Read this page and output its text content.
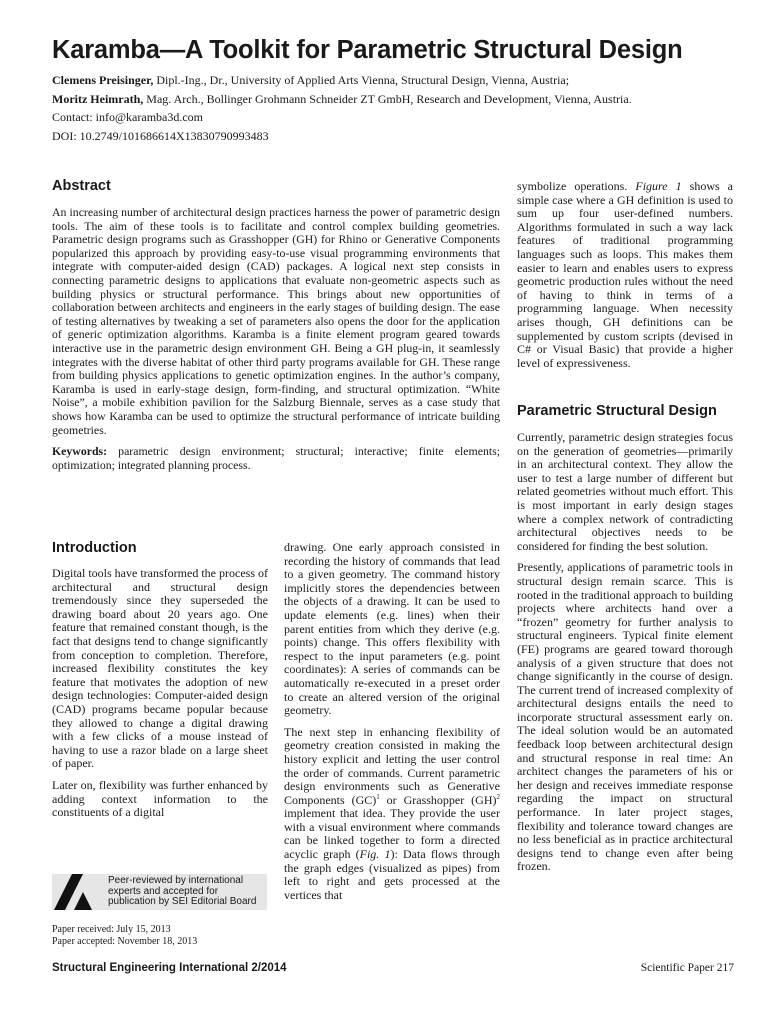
Karamba—A Toolkit for Parametric Structural Design

Clemens Preisinger, Dipl.-Ing., Dr., University of Applied Arts Vienna, Structural Design, Vienna, Austria;

Moritz Heimrath, Mag. Arch., Bollinger Grohmann Schneider ZT GmbH, Research and Development, Vienna, Austria.

Contact: info@karamba3d.com

DOI: 10.2749/101686614X13830790993483

Abstract

An increasing number of architectural design practices harness the power of parametric design tools. The aim of these tools is to facilitate and control complex building geometries. Parametric design programs such as Grasshopper (GH) for Rhino or Generative Components popularized this approach by providing easy-to-use visual programming environments that integrate with computer-aided design (CAD) packages. A logical next step consists in connecting parametric designs to applications that evaluate non-geometric aspects such as building physics or structural performance. This brings about new opportunities of collaboration between architects and engineers in the early stages of building design. The ease of testing alternatives by tweaking a set of parameters also opens the door for the application of generic optimization algorithms. Karamba is a finite element program geared towards interactive use in the parametric design environment GH. Being a GH plug-in, it seamlessly integrates with the diverse habitat of other third party programs available for GH. These range from building physics applications to genetic optimization engines. In the author’s company, Karamba is used in early-stage design, form-finding, and structural optimization. “White Noise”, a mobile exhibition pavilion for the Salzburg Biennale, serves as a case study that shows how Karamba can be used to optimize the structural performance of intricate building geometries.

Keywords: parametric design environment; structural; interactive; finite elements; optimization; integrated planning process.

Introduction

Digital tools have transformed the process of architectural and structural design tremendously since they superseded the drawing board about 20 years ago. One feature that remained constant though, is the fact that designs tend to change significantly from conception to completion. Therefore, increased flexibility constitutes the key feature that motivates the adoption of new design technologies: Computer-aided design (CAD) programs became popular because they allowed to change a digital drawing with a few clicks of a mouse instead of having to use a razor blade on a large sheet of paper.

Later on, flexibility was further enhanced by adding context information to the constituents of a digital

Peer-reviewed by international experts and accepted for publication by SEI Editorial Board
Paper received: July 15, 2013
Paper accepted: November 18, 2013

drawing. One early approach consisted in recording the history of commands that lead to a given geometry. The command history implicitly stores the dependencies between the objects of a drawing. It can be used to update elements (e.g. lines) when their parent entities from which they derive (e.g. points) change. This offers flexibility with respect to the input parameters (e.g. point coordinates): A series of commands can be automatically re-executed in a preset order to create an altered version of the original geometry.

The next step in enhancing flexibility of geometry creation consisted in making the history explicit and letting the user control the order of commands. Current parametric design environments such as Generative Components (GC)$^1$ or Grasshopper (GH)$^2$ implement that idea. They provide the user with a visual environment where commands can be linked together to form a directed acyclic graph (Fig. 1): Data flows through the graph edges (visualized as pipes) from left to right and gets processed at the vertices that

symbolize operations. Figure 1 shows a simple case where a GH definition is used to sum up four user-defined numbers. Algorithms formulated in such a way lack features of traditional programming languages such as loops. This makes them easier to learn and enables users to express geometric production rules without the need of having to think in terms of a programming language. When necessity arises though, GH definitions can be supplemented by custom scripts (devised in C# or Visual Basic) that provide a higher level of expressiveness.

Parametric Structural Design

Currently, parametric design strategies focus on the generation of geometries—primarily in an architectural context. They allow the user to test a large number of different but related geometries without much effort. This is most important in early design stages where a complex network of contradicting architectural objectives needs to be considered for finding the best solution.

Presently, applications of parametric tools in structural design remain scarce. This is rooted in the traditional approach to building projects where architects hand over a “frozen” geometry for further analysis to structural engineers. Typical finite element (FE) programs are geared toward thorough analysis of a given structure that does not change significantly in the course of design. The current trend of increased complexity of architectural designs entails the need to incorporate structural assessment early on. The ideal solution would be an automated feedback loop between architectural design and structural response in real time: An architect changes the parameters of his or her design and receives immediate response regarding the impact on structural performance. In later project stages, flexibility and tolerance toward changes are no less beneficial as in practice architectural designs tend to change even after being frozen.

Structural Engineering International 2/2014	Scientific Paper 217
